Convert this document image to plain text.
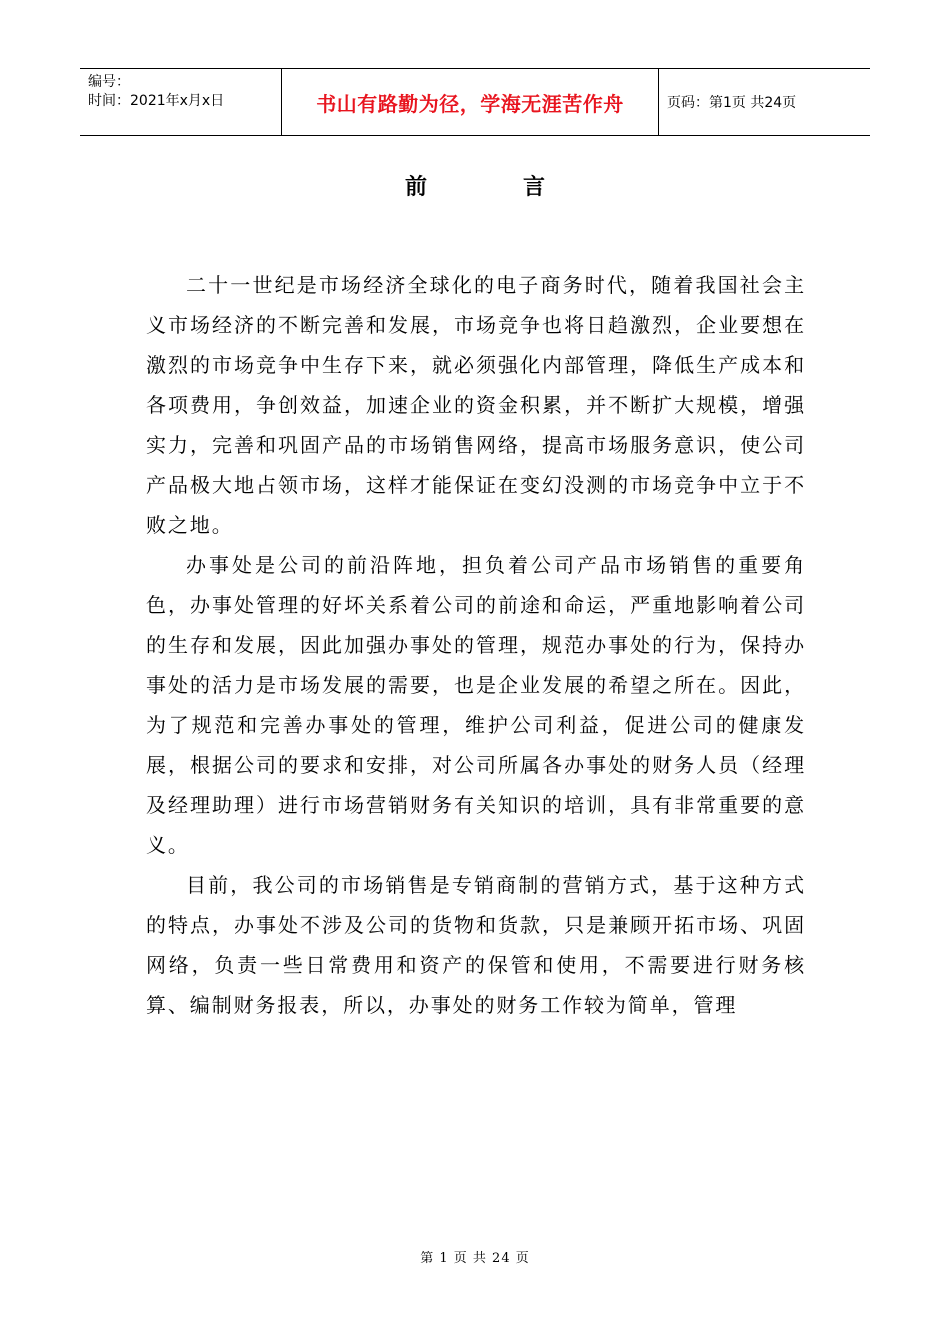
编号：
时间：2021年x月x日	书山有路勤为径，学海无涯苦作舟	页码：第1页 共24页
前言

二十一世纪是市场经济全球化的电子商务时代，随着我国社会主义市场经济的不断完善和发展，市场竞争也将日趋激烈，企业要想在激烈的市场竞争中生存下来，就必须强化内部管理，降低生产成本和各项费用，争创效益，加速企业的资金积累，并不断扩大规模，增强实力，完善和巩固产品的市场销售网络，提高市场服务意识，使公司产品极大地占领市场，这样才能保证在变幻没测的市场竞争中立于不败之地。

办事处是公司的前沿阵地，担负着公司产品市场销售的重要角色，办事处管理的好坏关系着公司的前途和命运，严重地影响着公司的生存和发展，因此加强办事处的管理，规范办事处的行为，保持办事处的活力是市场发展的需要，也是企业发展的希望之所在。因此，为了规范和完善办事处的管理，维护公司利益，促进公司的健康发展，根据公司的要求和安排，对公司所属各办事处的财务人员（经理及经理助理）进行市场营销财务有关知识的培训，具有非常重要的意义。

目前，我公司的市场销售是专销商制的营销方式，基于这种方式的特点，办事处不涉及公司的货物和货款，只是兼顾开拓市场、巩固网络，负责一些日常费用和资产的保管和使用，不需要进行财务核算、编制财务报表，所以，办事处的财务工作较为简单，管理

第 1 页 共 24 页
